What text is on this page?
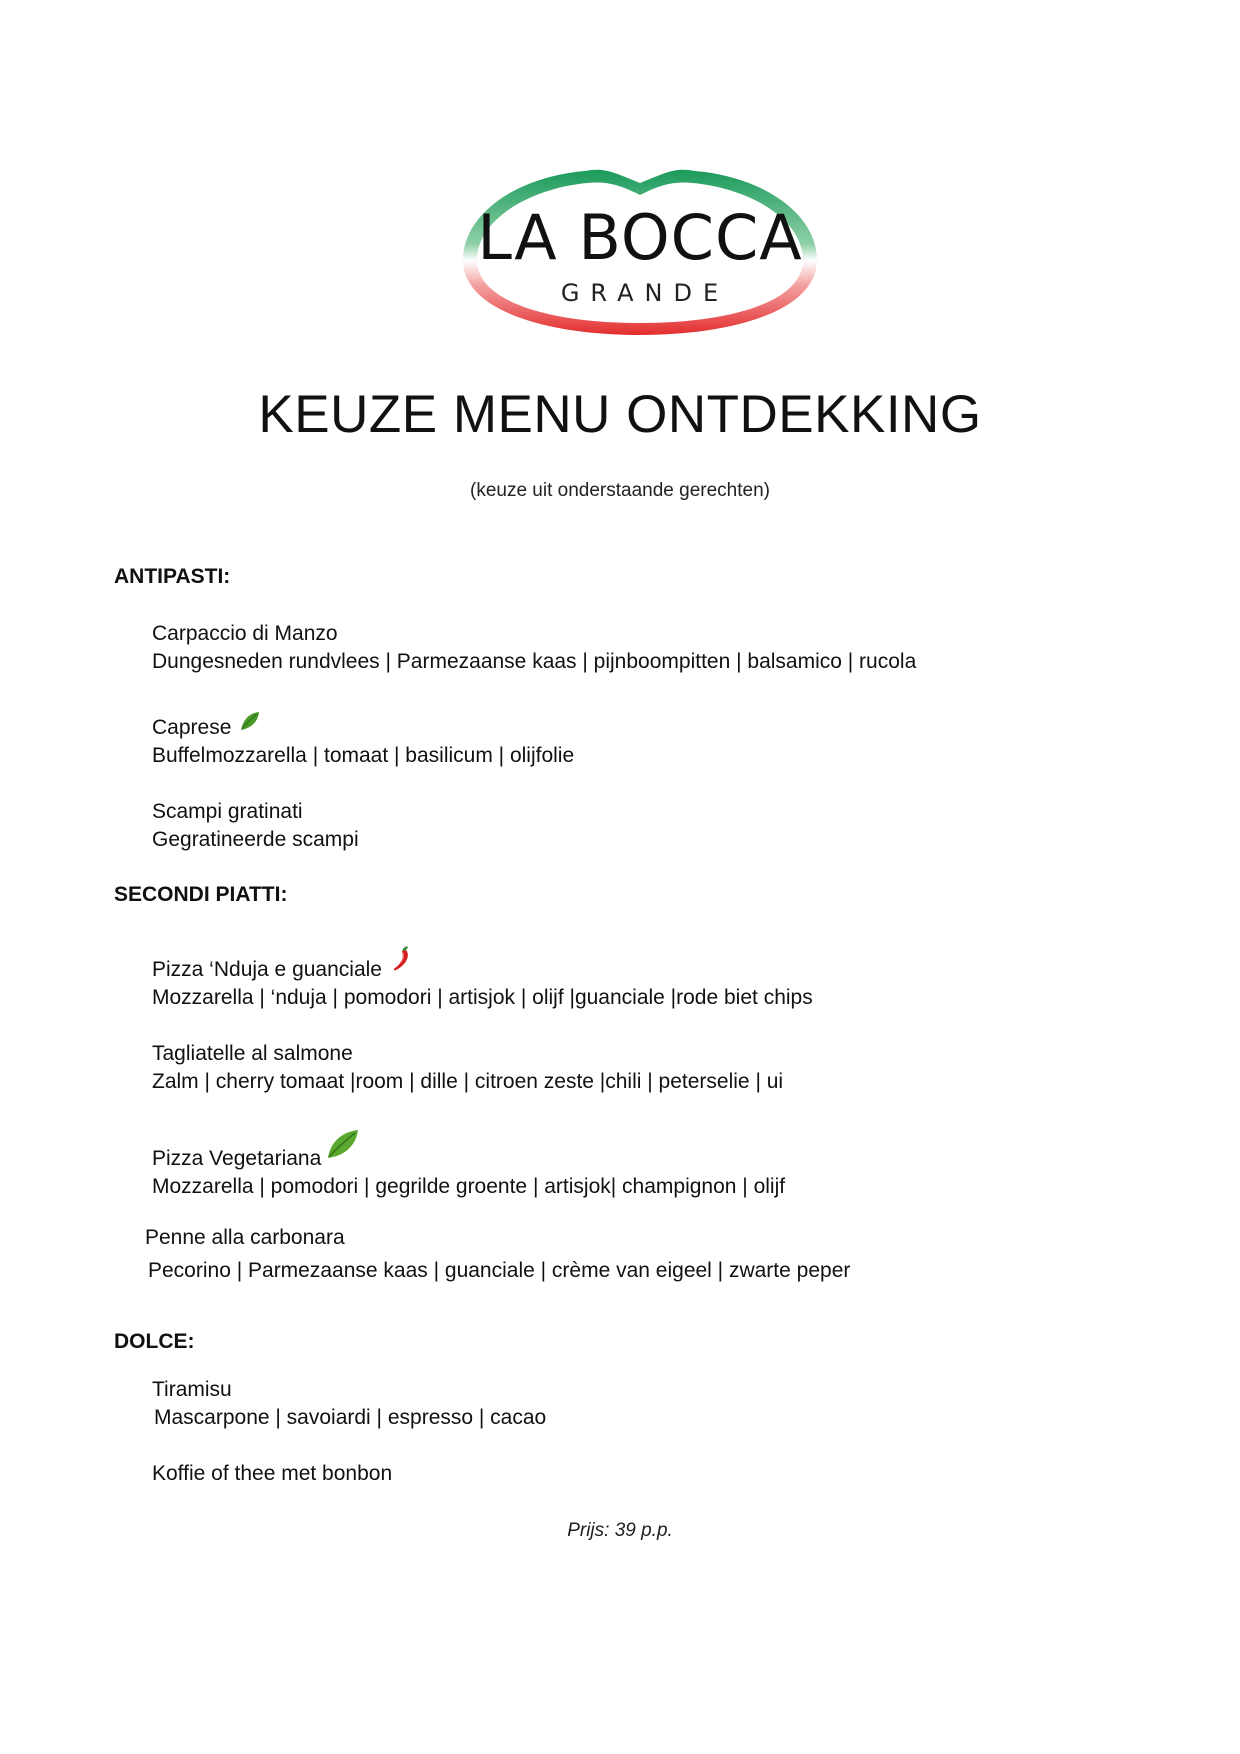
LA BOCCA
GRANDE
KEUZE MENU ONTDEKKING
(keuze uit onderstaande gerechten)
ANTIPASTI:
Carpaccio di Manzo
Dungesneden rundvlees | Parmezaanse kaas | pijnboompitten | balsamico | rucola
Caprese
Buffelmozzarella | tomaat | basilicum | olijfolie
Scampi gratinati
Gegratineerde scampi
SECONDI PIATTI:
Pizza ‘Nduja e guanciale
Mozzarella | ‘nduja | pomodori | artisjok | olijf |guanciale |rode biet chips
Tagliatelle al salmone
Zalm | cherry tomaat |room | dille | citroen zeste |chili | peterselie | ui
Pizza Vegetariana
Mozzarella | pomodori | gegrilde groente | artisjok| champignon | olijf
Penne alla carbonara
Pecorino | Parmezaanse kaas | guanciale | crème van eigeel | zwarte peper
DOLCE:
Tiramisu
Mascarpone | savoiardi | espresso | cacao
Koffie of thee met bonbon
Prijs: 39 p.p.
